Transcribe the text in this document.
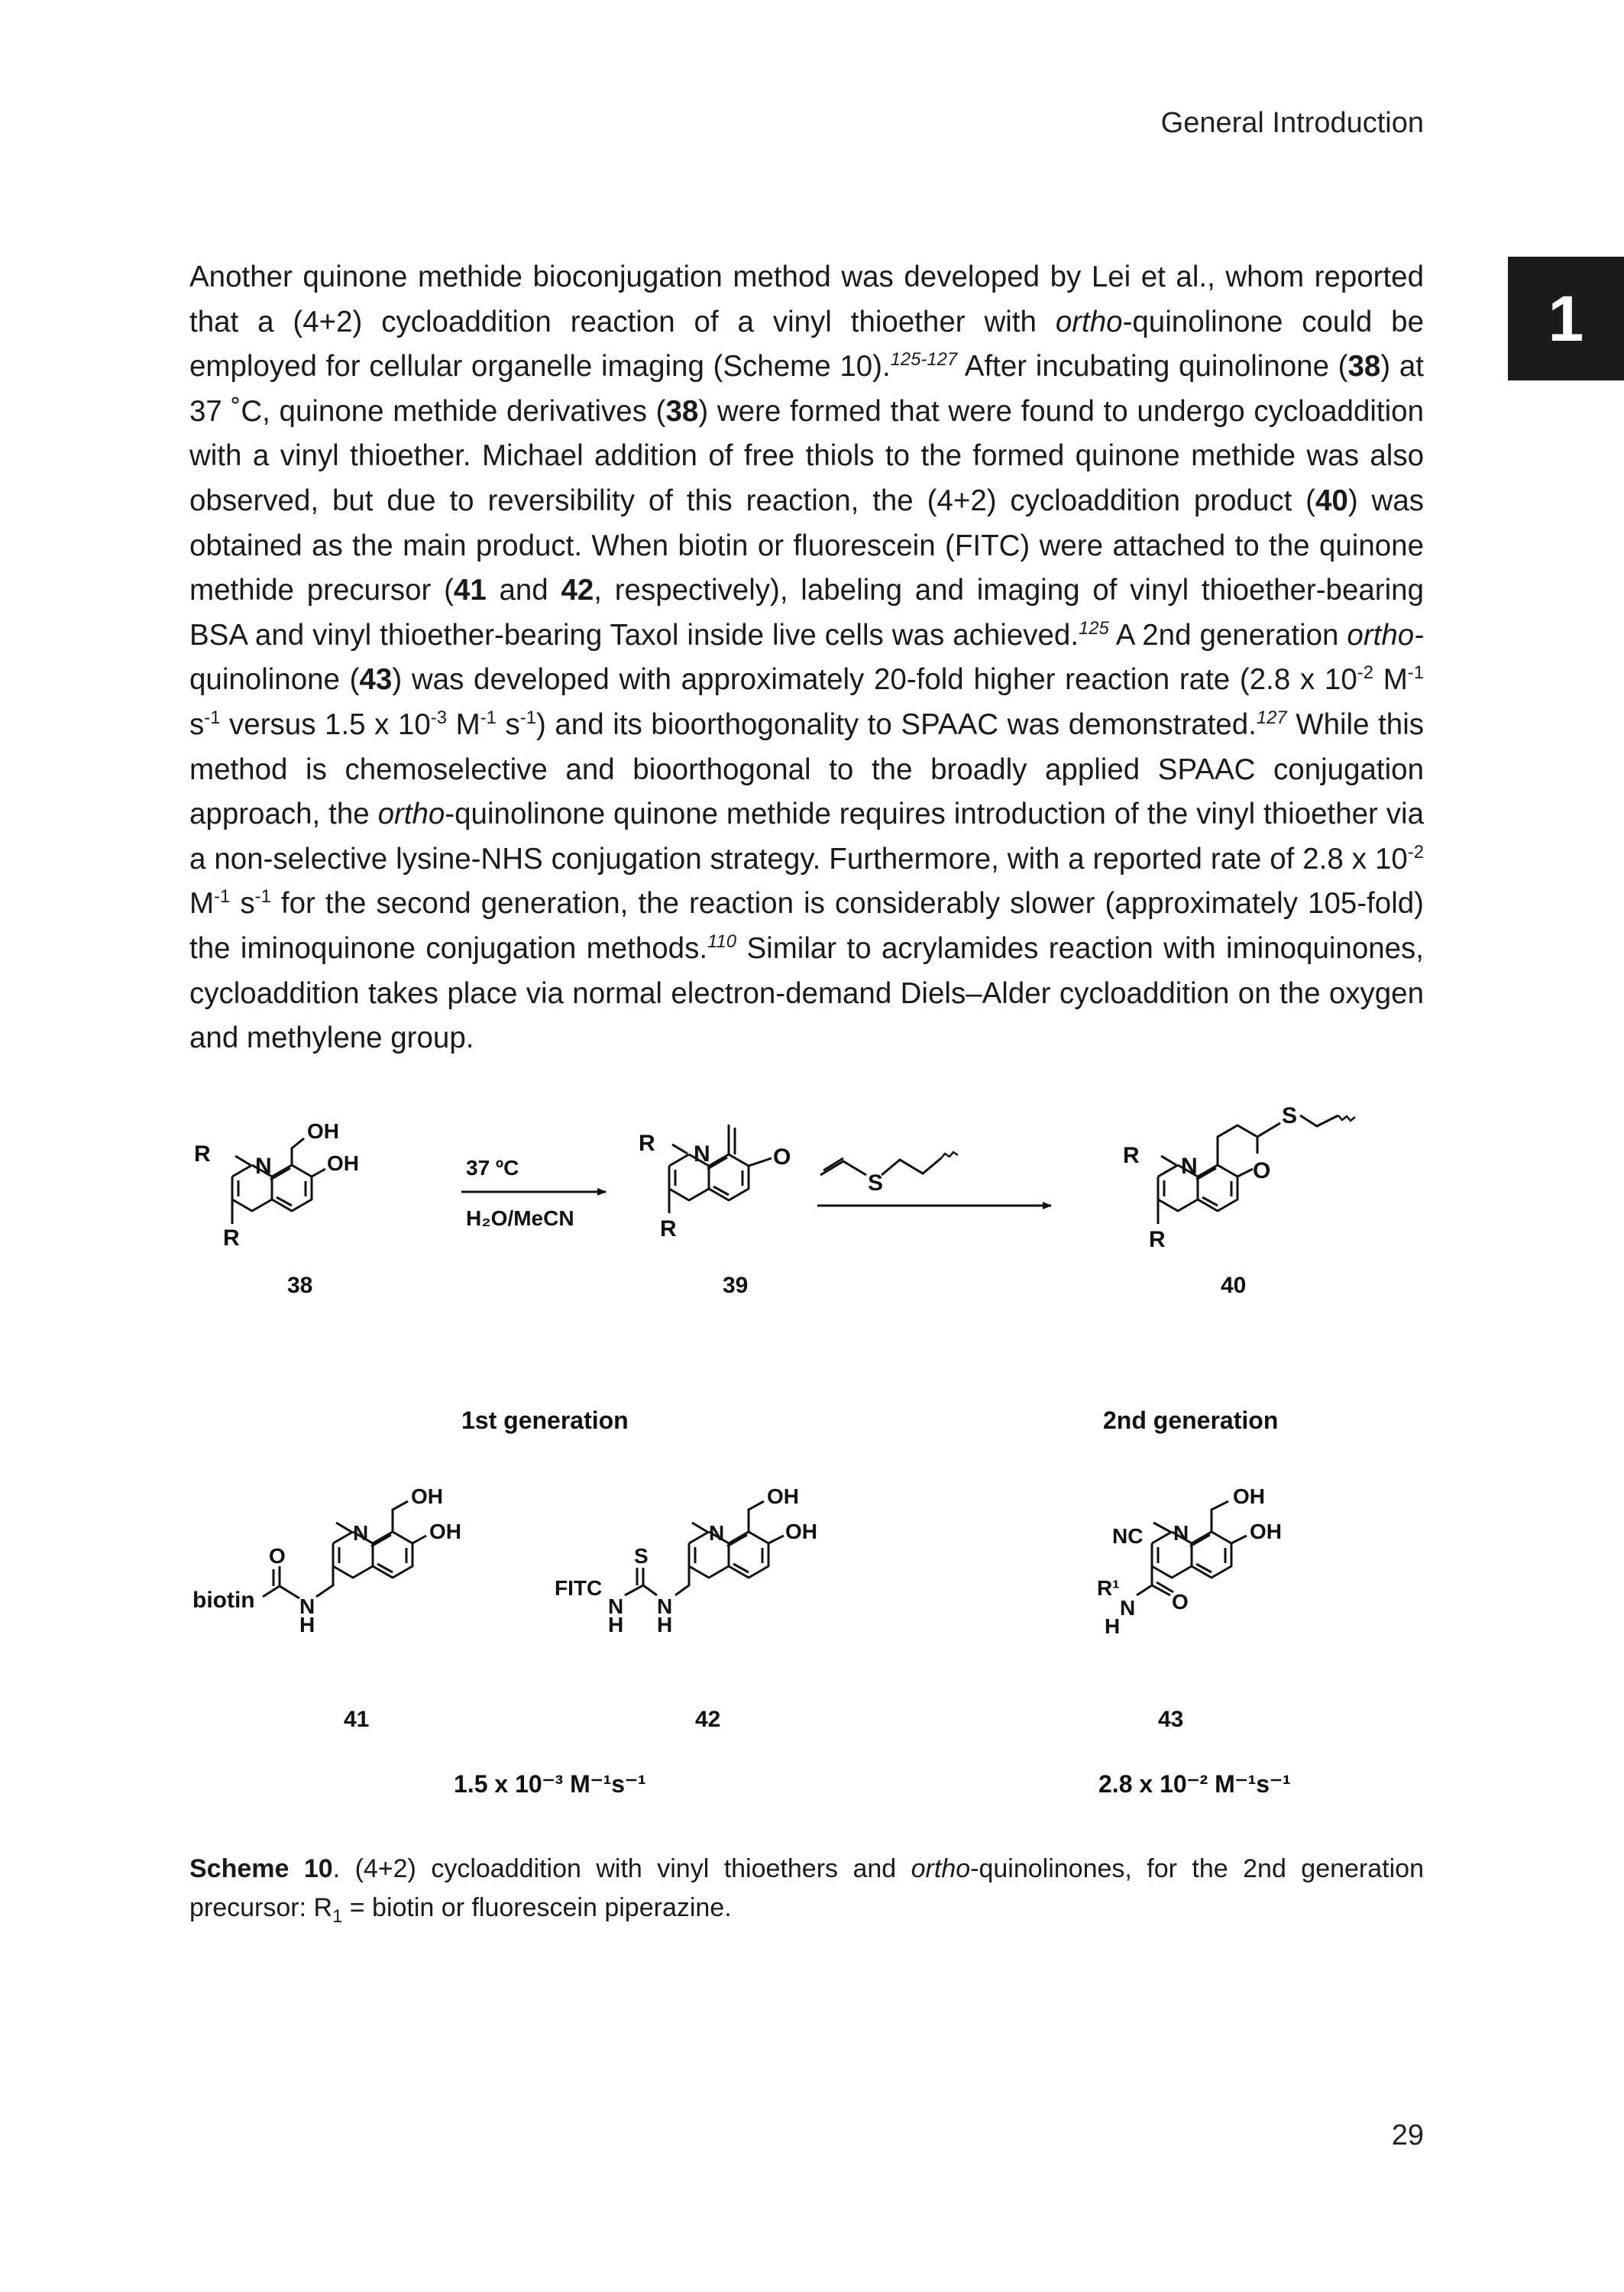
General Introduction
1

Another quinone methide bioconjugation method was developed by Lei et al., whom reported that a (4+2) cycloaddition reaction of a vinyl thioether with ortho-quinolinone could be employed for cellular organelle imaging (Scheme 10).$^{125-127}$ After incubating quinolinone (38) at 37 ˚C, quinone methide derivatives (38) were formed that were found to undergo cycloaddition with a vinyl thioether. Michael addition of free thiols to the formed quinone methide was also observed, but due to reversibility of this reaction, the (4+2) cycloaddition product (40) was obtained as the main product. When biotin or fluorescein (FITC) were attached to the quinone methide precursor (41 and 42, respectively), labeling and imaging of vinyl thioether-bearing BSA and vinyl thioether-bearing Taxol inside live cells was achieved.$^{125}$ A 2nd generation ortho-quinolinone (43) was developed with approximately 20-fold higher reaction rate (2.8 x $10^{-2}$ $M^{-1}$ $s^{-1}$ versus 1.5 x $10^{-3}$ $M^{-1}$ $s^{-1}$) and its bioorthogonality to SPAAC was demonstrated.$^{127}$ While this method is chemoselective and bioorthogonal to the broadly applied SPAAC conjugation approach, the ortho-quinolinone quinone methide requires introduction of the vinyl thioether via a non-selective lysine-NHS conjugation strategy. Furthermore, with a reported rate of 2.8 x $10^{-2}$ $M^{-1}$ $s^{-1}$ for the second generation, the reaction is considerably slower (approximately 105-fold) the iminoquinone conjugation methods.$^{110}$ Similar to acrylamides reaction with iminoquinones, cycloaddition takes place via normal electron-demand Diels–Alder cycloaddition on the oxygen and methylene group.

R N
OH
OH
R
38
37 ºC
H₂O/MeCN
R N	O
R
39
S
R N O
S
R
40
1st generation	2nd generation
N
OH
OH
O
N
H
biotin
41
N
OH
OH
S
N
H
N
H
FITC
42
N
NC
OH
OH
N
H
R¹
O
43
1.5 x 10⁻³ M⁻¹s⁻¹	2.8 x 10⁻² M⁻¹s⁻¹
Scheme 10. (4+2) cycloaddition with vinyl thioethers and ortho-quinolinones, for the 2nd generation precursor: $R_1$ = biotin or fluorescein piperazine.
29
